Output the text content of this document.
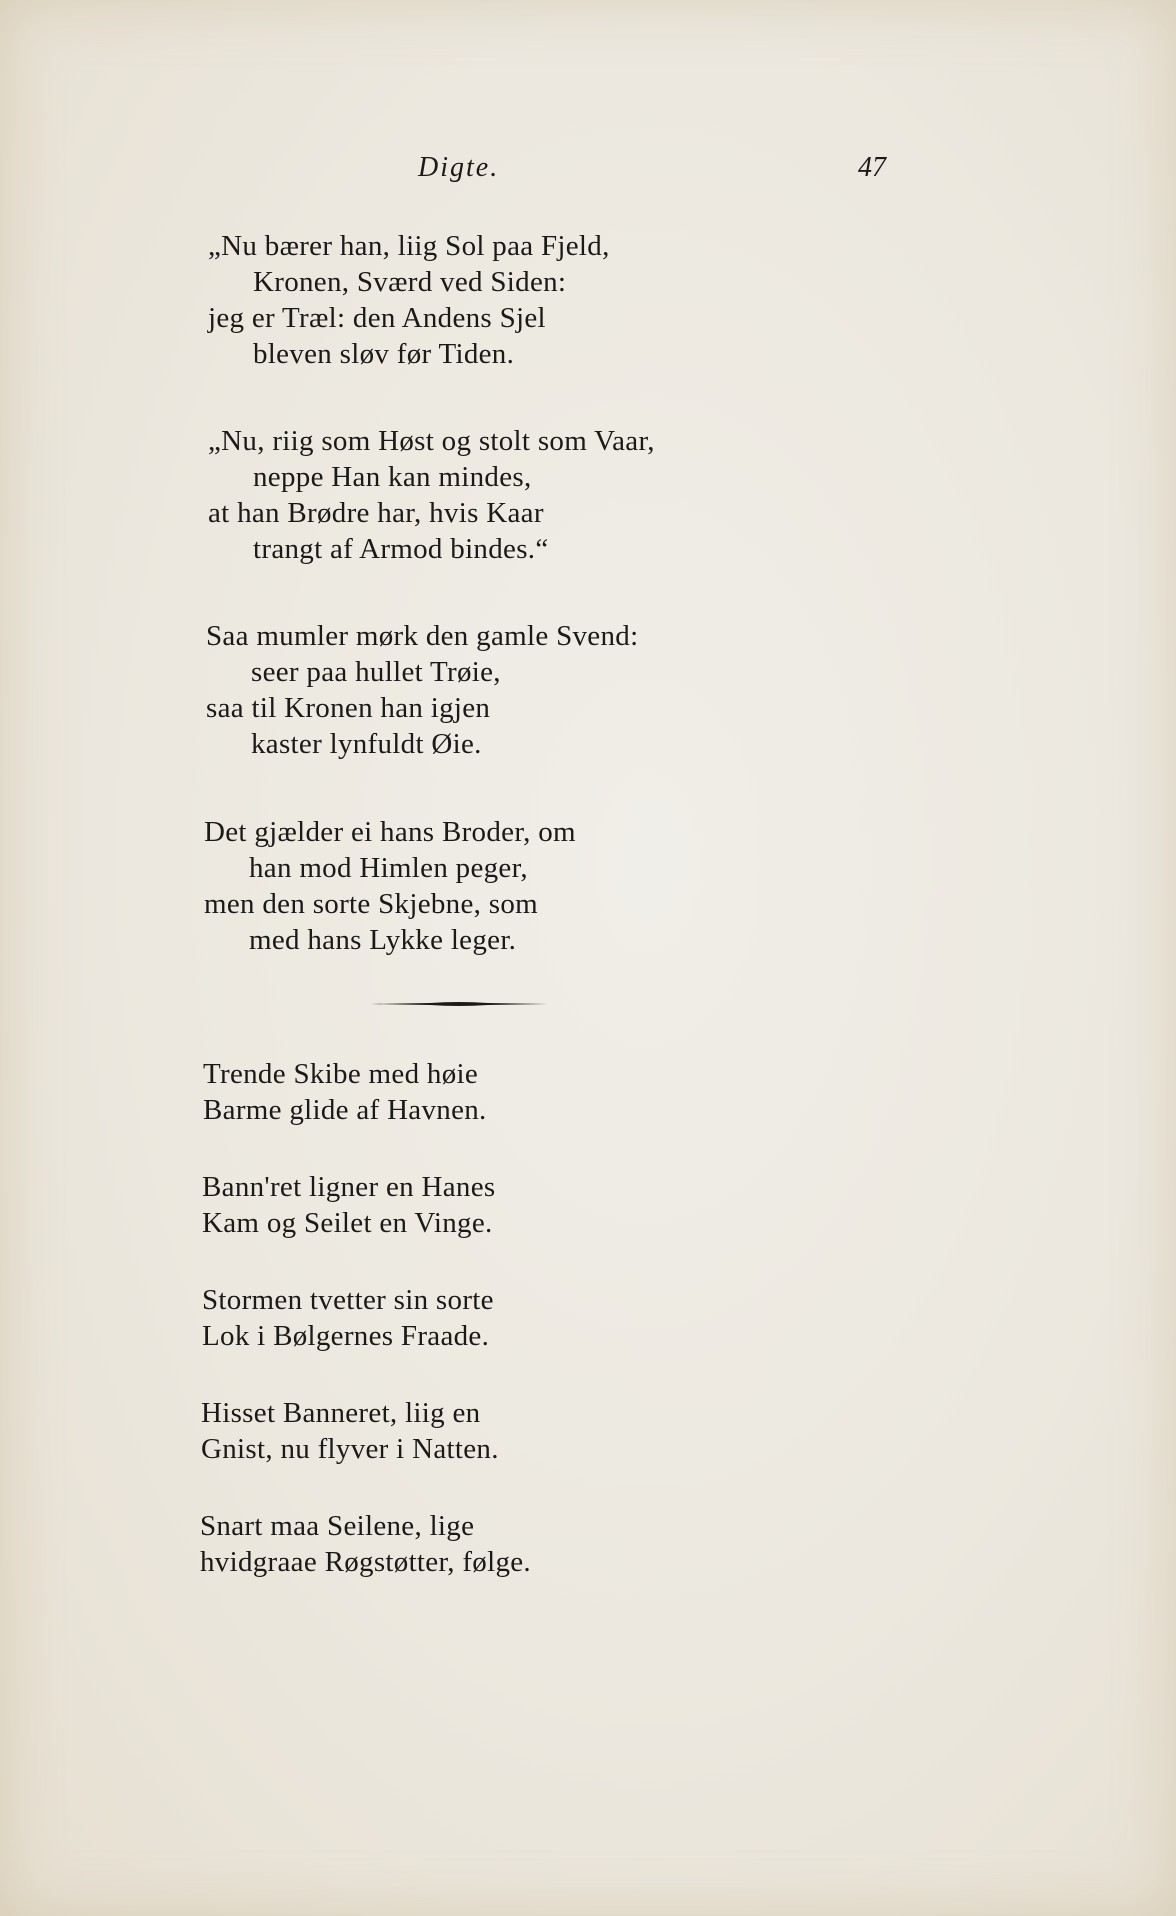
Digte.	47
„Nu bærer han, liig Sol paa Fjeld,
Kronen, Sværd ved Siden:
jeg er Træl: den Andens Sjel
bleven sløv før Tiden.
„Nu, riig som Høst og stolt som Vaar,
neppe Han kan mindes,
at han Brødre har, hvis Kaar
trangt af Armod bindes.“
Saa mumler mørk den gamle Svend:
seer paa hullet Trøie,
saa til Kronen han igjen
kaster lynfuldt Øie.
Det gjælder ei hans Broder, om
han mod Himlen peger,
men den sorte Skjebne, som
med hans Lykke leger.
Trende Skibe med høie
Barme glide af Havnen.
Bann'ret ligner en Hanes
Kam og Seilet en Vinge.
Stormen tvetter sin sorte
Lok i Bølgernes Fraade.
Hisset Banneret, liig en
Gnist, nu flyver i Natten.
Snart maa Seilene, lige
hvidgraae Røgstøtter, følge.
